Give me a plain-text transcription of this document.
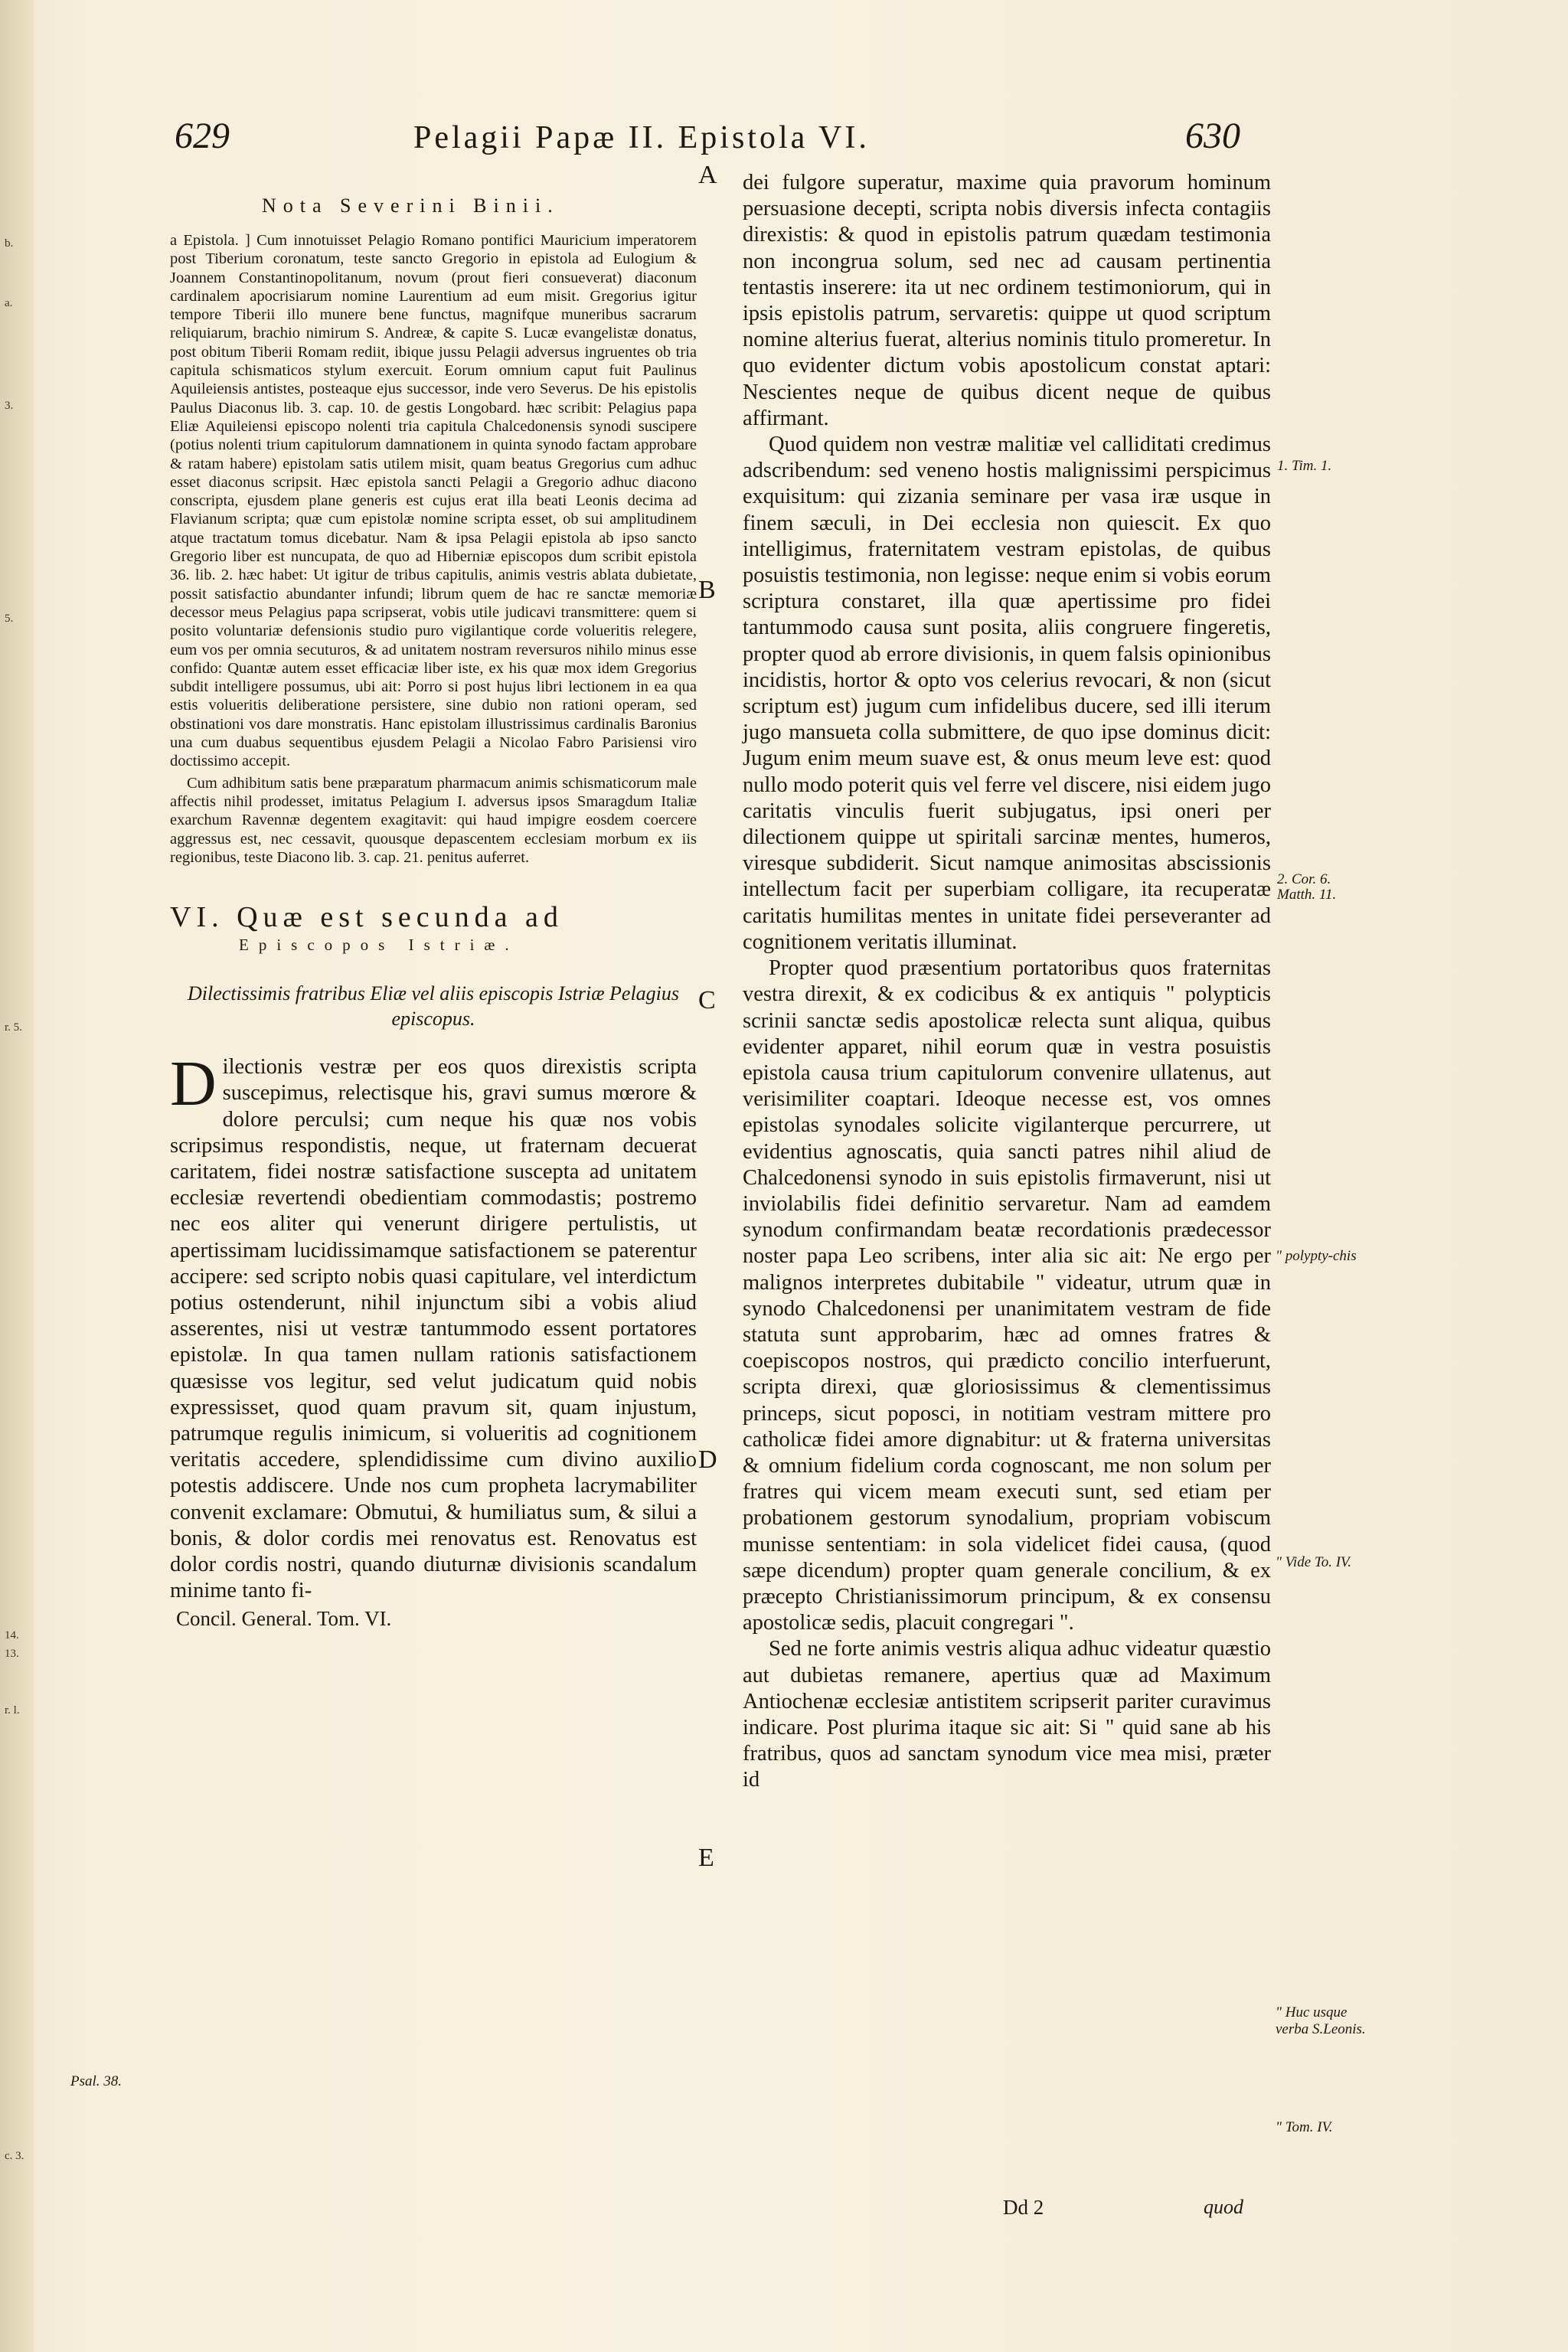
b.
a.
3.
5.
r. 5.
14.
13.
r. l.
c. 3.
629	Pelagii Papæ II. Epistola VI.	630
Nota Severini Binii.

a Epistola. ] Cum innotuisset Pelagio Romano pontifici Mauricium imperatorem post Tiberium coronatum, teste sancto Gregorio in epistola ad Eulogium & Joannem Constantinopolitanum, novum (prout fieri consueverat) diaconum cardinalem apocrisiarum nomine Laurentium ad eum misit. Gregorius igitur tempore Tiberii illo munere bene functus, magnifque muneribus sacrarum reliquiarum, brachio nimirum S. Andreæ, & capite S. Lucæ evangelistæ donatus, post obitum Tiberii Romam rediit, ibique jussu Pelagii adversus ingruentes ob tria capitula schismaticos stylum exercuit. Eorum omnium caput fuit Paulinus Aquileiensis antistes, posteaque ejus successor, inde vero Severus. De his epistolis Paulus Diaconus lib. 3. cap. 10. de gestis Longobard. hæc scribit: Pelagius papa Eliæ Aquileiensi episcopo nolenti tria capitula Chalcedonensis synodi suscipere (potius nolenti trium capitulorum damnationem in quinta synodo factam approbare & ratam habere) epistolam satis utilem misit, quam beatus Gregorius cum adhuc esset diaconus scripsit. Hæc epistola sancti Pelagii a Gregorio adhuc diacono conscripta, ejusdem plane generis est cujus erat illa beati Leonis decima ad Flavianum scripta; quæ cum epistolæ nomine scripta esset, ob sui amplitudinem atque tractatum tomus dicebatur. Nam & ipsa Pelagii epistola ab ipso sancto Gregorio liber est nuncupata, de quo ad Hiberniæ episcopos dum scribit epistola 36. lib. 2. hæc habet: Ut igitur de tribus capitulis, animis vestris ablata dubietate, possit satisfactio abundanter infundi; librum quem de hac re sanctæ memoriæ decessor meus Pelagius papa scripserat, vobis utile judicavi transmittere: quem si posito voluntariæ defensionis studio puro vigilantique corde volueritis relegere, eum vos per omnia secuturos, & ad unitatem nostram reversuros nihilo minus esse confido: Quantæ autem esset efficaciæ liber iste, ex his quæ mox idem Gregorius subdit intelligere possumus, ubi ait: Porro si post hujus libri lectionem in ea qua estis volueritis deliberatione persistere, sine dubio non rationi operam, sed obstinationi vos dare monstratis. Hanc epistolam illustrissimus cardinalis Baronius una cum duabus sequentibus ejusdem Pelagii a Nicolao Fabro Parisiensi viro doctissimo accepit.

Cum adhibitum satis bene præparatum pharmacum animis schismaticorum male affectis nihil prodesset, imitatus Pelagium I. adversus ipsos Smaragdum Italiæ exarchum Ravennæ degentem exagitavit: qui haud impigre eosdem coercere aggressus est, nec cessavit, quousque depascentem ecclesiam morbum ex iis regionibus, teste Diacono lib. 3. cap. 21. penitus auferret.

VI. Quæ est secunda ad
Episcopos Istriæ.
Dilectissimis fratribus Eliæ vel aliis episcopis Istriæ Pelagius episcopus.

Dilectionis vestræ per eos quos direxistis scripta suscepimus, relectisque his, gravi sumus mœrore & dolore perculsi; cum neque his quæ nos vobis scripsimus respondistis, neque, ut fraternam decuerat caritatem, fidei nostræ satisfactione suscepta ad unitatem ecclesiæ revertendi obedientiam commodastis; postremo nec eos aliter qui venerunt dirigere pertulistis, ut apertissimam lucidissimamque satisfactionem se paterentur accipere: sed scripto nobis quasi capitulare, vel interdictum potius ostenderunt, nihil injunctum sibi a vobis aliud asserentes, nisi ut vestræ tantummodo essent portatores epistolæ. In qua tamen nullam rationis satisfactionem quæsisse vos legitur, sed velut judicatum quid nobis expressisset, quod quam pravum sit, quam injustum, patrumque regulis inimicum, si volueritis ad cognitionem veritatis accedere, splendidissime cum divino auxilio potestis addiscere. Unde nos cum propheta lacrymabiliter convenit exclamare: Obmutui, & humiliatus sum, & silui a bonis, & dolor cordis mei renovatus est. Renovatus est dolor cordis nostri, quando diuturnæ divisionis scandalum minime tanto fi-

Concil. General. Tom. VI.

dei fulgore superatur, maxime quia pravorum hominum persuasione decepti, scripta nobis diversis infecta contagiis direxistis: & quod in epistolis patrum quædam testimonia non incongrua solum, sed nec ad causam pertinentia tentastis inserere: ita ut nec ordinem testimoniorum, qui in ipsis epistolis patrum, servaretis: quippe ut quod scriptum nomine alterius fuerat, alterius nominis titulo promeretur. In quo evidenter dictum vobis apostolicum constat aptari: Nescientes neque de quibus dicent neque de quibus affirmant.

Quod quidem non vestræ malitiæ vel calliditati credimus adscribendum: sed veneno hostis malignissimi perspicimus exquisitum: qui zizania seminare per vasa iræ usque in finem sæculi, in Dei ecclesia non quiescit. Ex quo intelligimus, fraternitatem vestram epistolas, de quibus posuistis testimonia, non legisse: neque enim si vobis eorum scriptura constaret, illa quæ apertissime pro fidei tantummodo causa sunt posita, aliis congruere fingeretis, propter quod ab errore divisionis, in quem falsis opinionibus incidistis, hortor & opto vos celerius revocari, & non (sicut scriptum est) jugum cum infidelibus ducere, sed illi iterum jugo mansueta colla submittere, de quo ipse dominus dicit: Jugum enim meum suave est, & onus meum leve est: quod nullo modo poterit quis vel ferre vel discere, nisi eidem jugo caritatis vinculis fuerit subjugatus, ipsi oneri per dilectionem quippe ut spiritali sarcinæ mentes, humeros, viresque subdiderit. Sicut namque animositas abscissionis intellectum facit per superbiam colligare, ita recuperatæ caritatis humilitas mentes in unitate fidei perseveranter ad cognitionem veritatis illuminat.

Propter quod præsentium portatoribus quos fraternitas vestra direxit, & ex codicibus & ex antiquis " polypticis scrinii sanctæ sedis apostolicæ relecta sunt aliqua, quibus evidenter apparet, nihil eorum quæ in vestra posuistis epistola causa trium capitulorum convenire ullatenus, aut verisimiliter coaptari. Ideoque necesse est, vos omnes epistolas synodales solicite vigilanterque percurrere, ut evidentius agnoscatis, quia sancti patres nihil aliud de Chalcedonensi synodo in suis epistolis firmaverunt, nisi ut inviolabilis fidei definitio servaretur. Nam ad eamdem synodum confirmandam beatæ recordationis prædecessor noster papa Leo scribens, inter alia sic ait: Ne ergo per malignos interpretes dubitabile " videatur, utrum quæ in synodo Chalcedonensi per unanimitatem vestram de fide statuta sunt approbarim, hæc ad omnes fratres & coepiscopos nostros, qui prædicto concilio interfuerunt, scripta direxi, quæ gloriosissimus & clementissimus princeps, sicut poposci, in notitiam vestram mittere pro catholicæ fidei amore dignabitur: ut & fraterna universitas & omnium fidelium corda cognoscant, me non solum per fratres qui vicem meam executi sunt, sed etiam per probationem gestorum synodalium, propriam vobiscum munisse sententiam: in sola videlicet fidei causa, (quod sæpe dicendum) propter quam generale concilium, & ex præcepto Christianissimorum principum, & ex consensu apostolicæ sedis, placuit congregari ".

Sed ne forte animis vestris aliqua adhuc videatur quæstio aut dubietas remanere, apertius quæ ad Maximum Antiochenæ ecclesiæ antistitem scripserit pariter curavimus indicare. Post plurima itaque sic ait: Si " quid sane ab his fratribus, quos ad sanctam synodum vice mea misi, præter id

Dd 2	quod
A
B
C
D
E
1. Tim. 1.
2. Cor. 6.
Matth. 11.
" polypty-chis
" Vide To. IV.
" Huc usque verba S.Leonis.
" Tom. IV.
Psal. 38.
